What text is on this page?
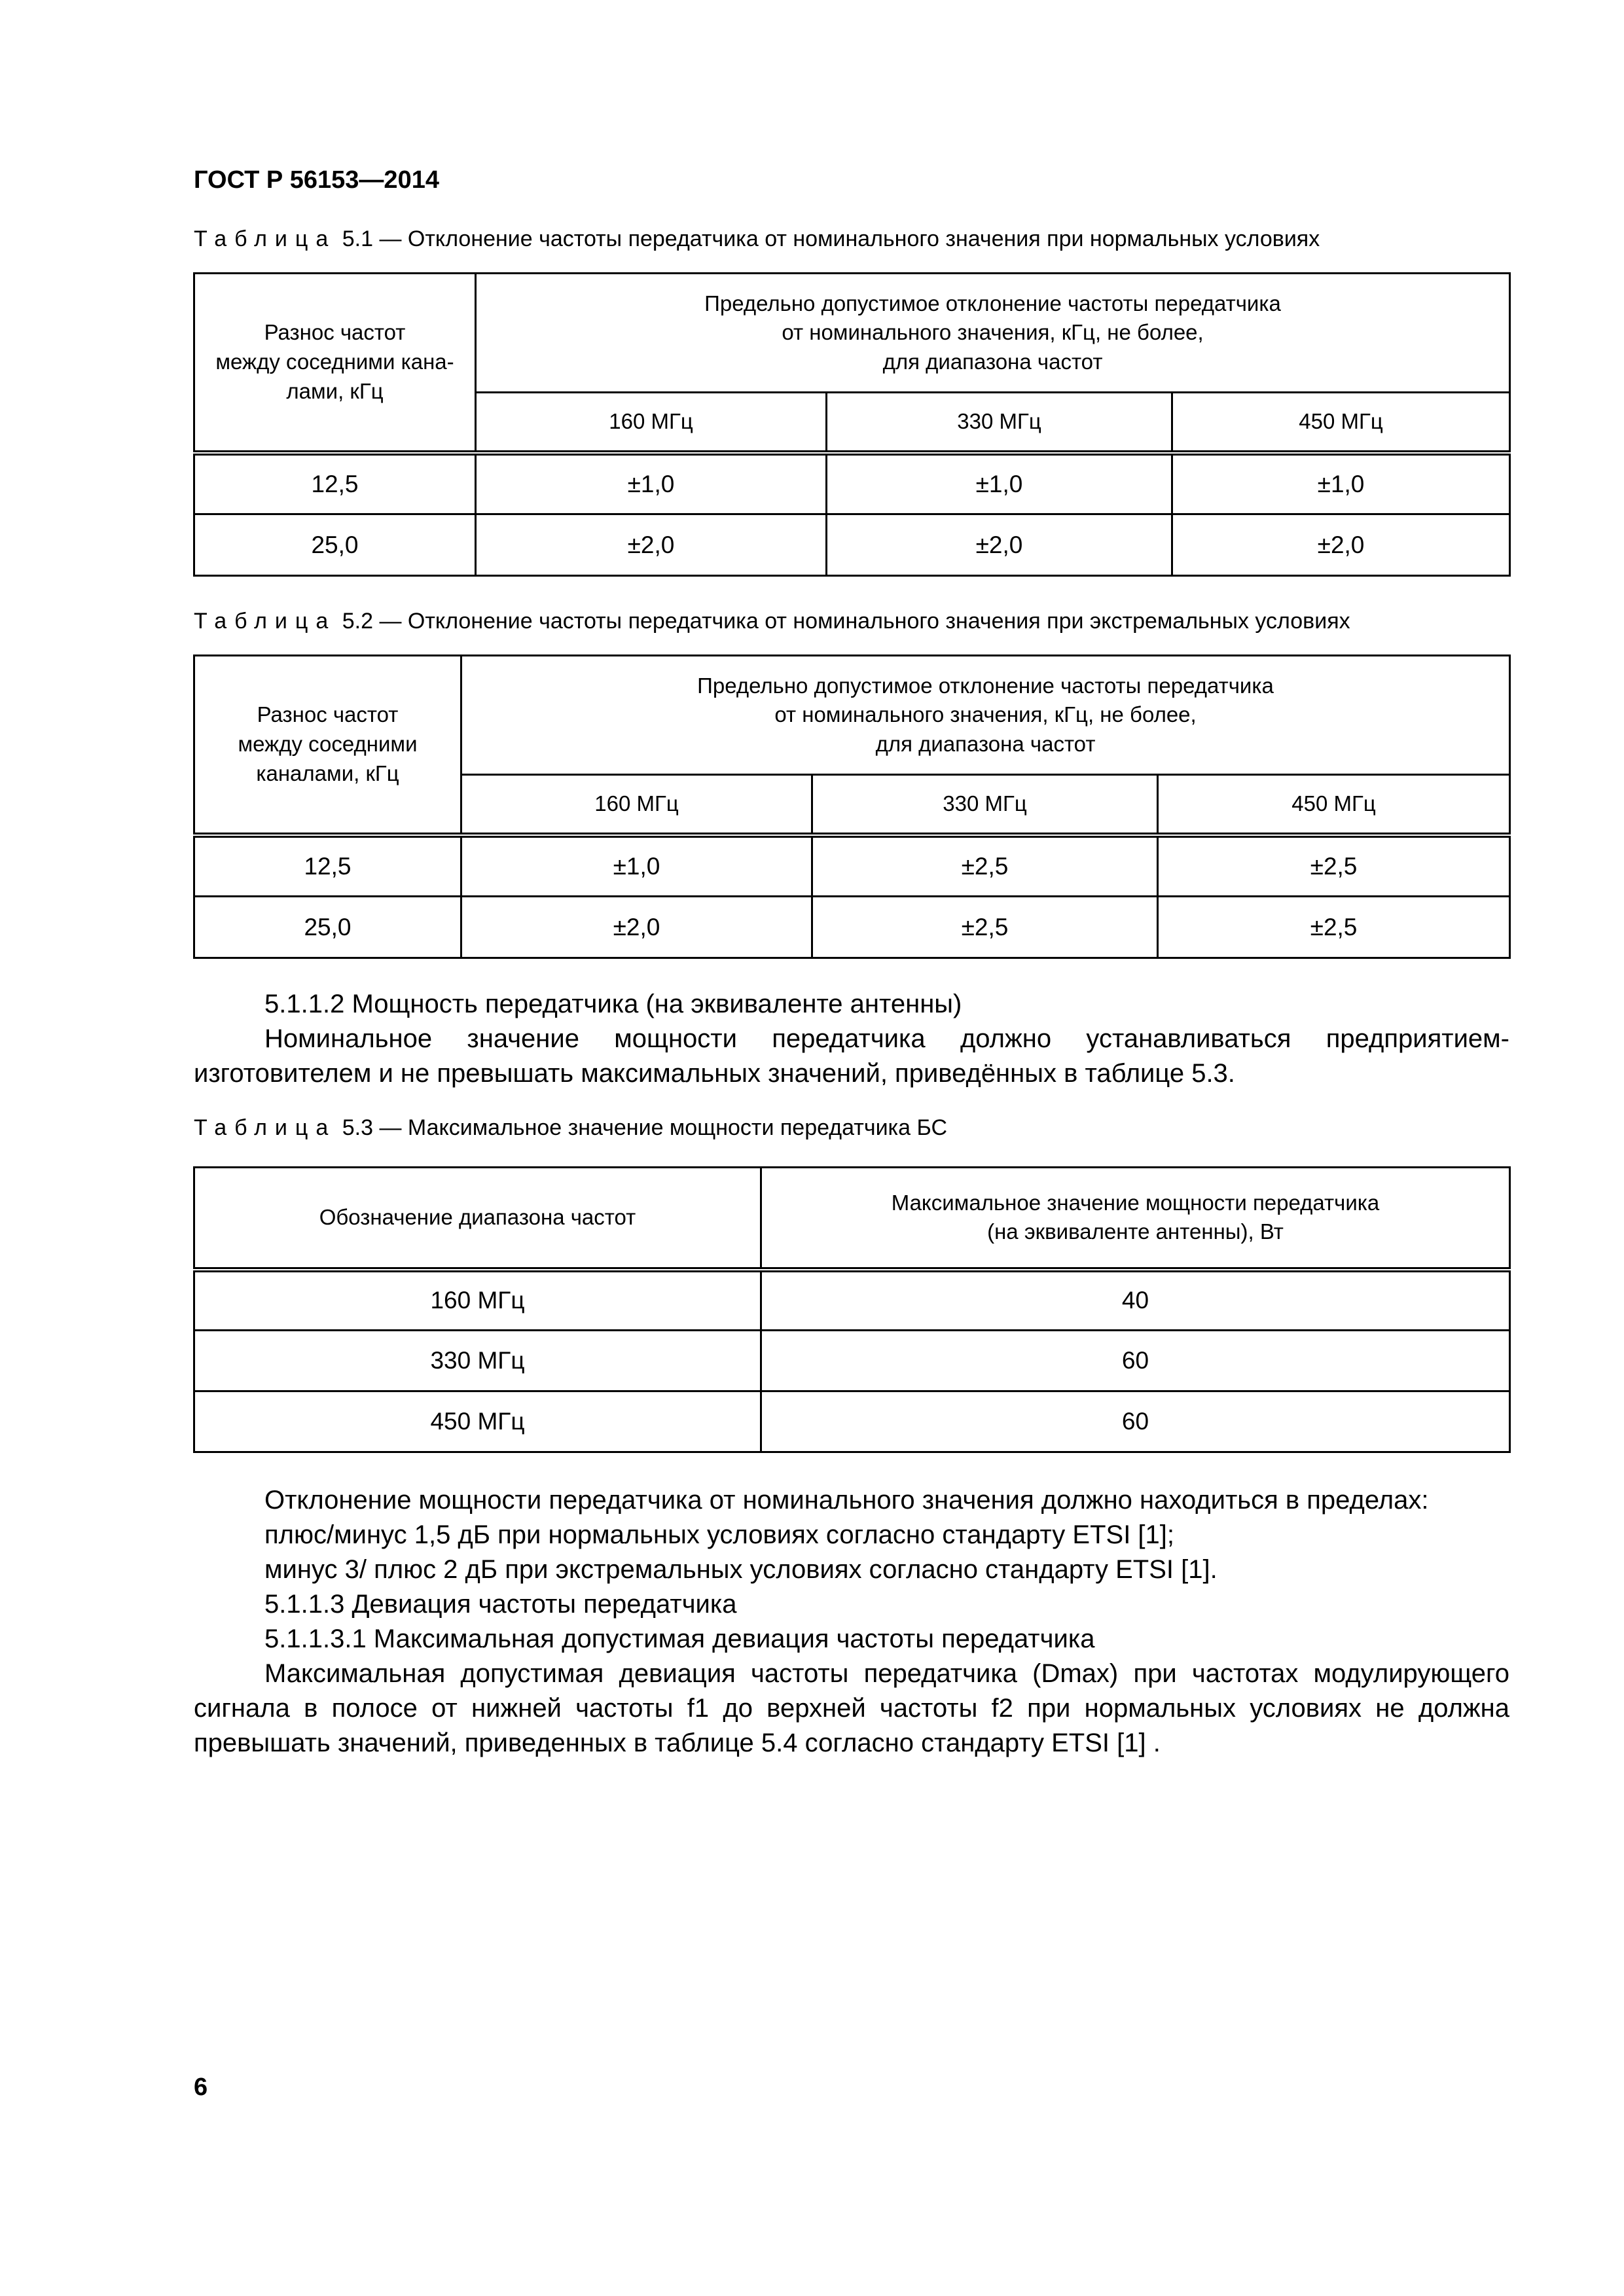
ГОСТ Р 56153—2014
Таблица 5.1 — Отклонение частоты передатчика от номинального значения при нормальных условиях
Разнос частот
между соседними кана-
лами, кГц	Предельно допустимое отклонение частоты передатчика
от номинального значения, кГц, не более,
для диапазона частот		

	160 МГц	330 МГц	450 МГц
12,5	±1,0	±1,0	±1,0
25,0	±2,0	±2,0	±2,0
Таблица 5.2 — Отклонение частоты передатчика от номинального значения при экстремальных условиях
Разнос частот
между соседними
каналами, кГц	Предельно допустимое отклонение частоты передатчика
от номинального значения, кГц, не более,
для диапазона частот		

	160 МГц	330 МГц	450 МГц
12,5	±1,0	±2,5	±2,5
25,0	±2,0	±2,5	±2,5

5.1.1.2 Мощность передатчика (на эквиваленте антенны)

Номинальное значение мощности передатчика должно устанавливаться предприятием-изготовителем и не превышать максимальных значений, приведённых в таблице 5.3.

Таблица 5.3 — Максимальное значение мощности передатчика БС
Обозначение диапазона частот	Максимальное значение мощности передатчика
(на эквиваленте антенны), Вт

160 МГц	40
330 МГц	60
450 МГц	60

Отклонение мощности передатчика от номинального значения должно находиться в пределах:

плюс/минус 1,5 дБ при нормальных условиях согласно стандарту ETSI [1];

минус 3/ плюс 2 дБ при экстремальных условиях согласно стандарту ETSI [1].

5.1.1.3 Девиация частоты передатчика

5.1.1.3.1 Максимальная допустимая девиация частоты передатчика

Максимальная допустимая девиация частоты передатчика (Dmax) при частотах модулирующего сигнала в полосе от нижней частоты f1 до верхней частоты f2 при нормальных условиях не должна превышать значений, приведенных в таблице 5.4 согласно стандарту ETSI [1] .

6
